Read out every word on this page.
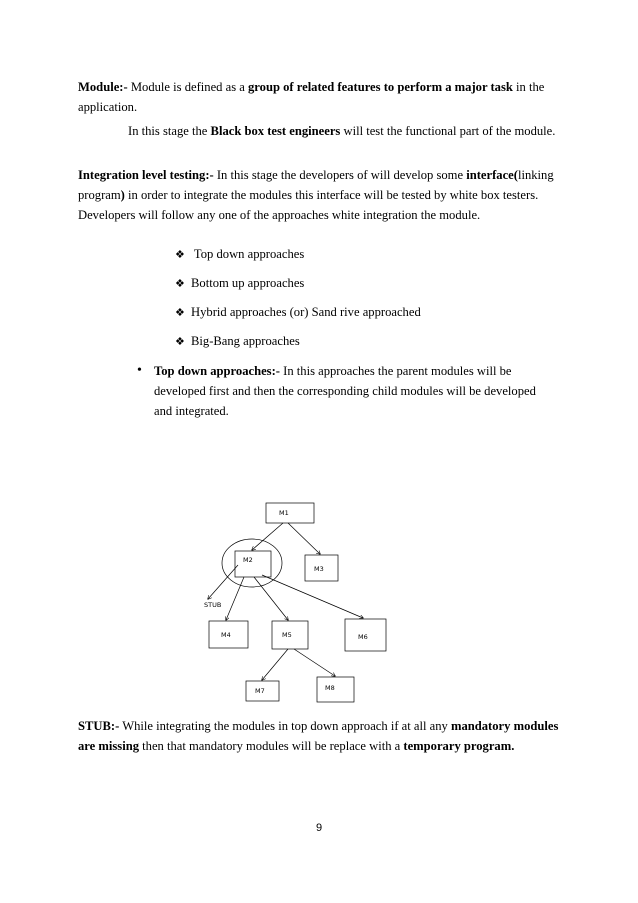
Module:- Module is defined as a group of related features to perform a major task in the application.

In this stage the Black box test engineers will test the functional part of the module.

Integration level testing:- In this stage the developers of will develop some interface(linking program) in order to integrate the modules this interface will be tested by white box testers. Developers will follow any one of the approaches white integration the module.

❖ Top down approaches
❖ Bottom up approaches
❖ Hybrid approaches (or) Sand rive approached
❖ Big-Bang approaches
• Top down approaches:- In this approaches the parent modules will be developed first and then the corresponding child modules will be developed and integrated.

M1
M2
M3
M4	M5	M6
M7	M8
STUB

STUB:- While integrating the modules in top down approach if at all any mandatory modules are missing then that mandatory modules will be replace with a temporary program.

9
